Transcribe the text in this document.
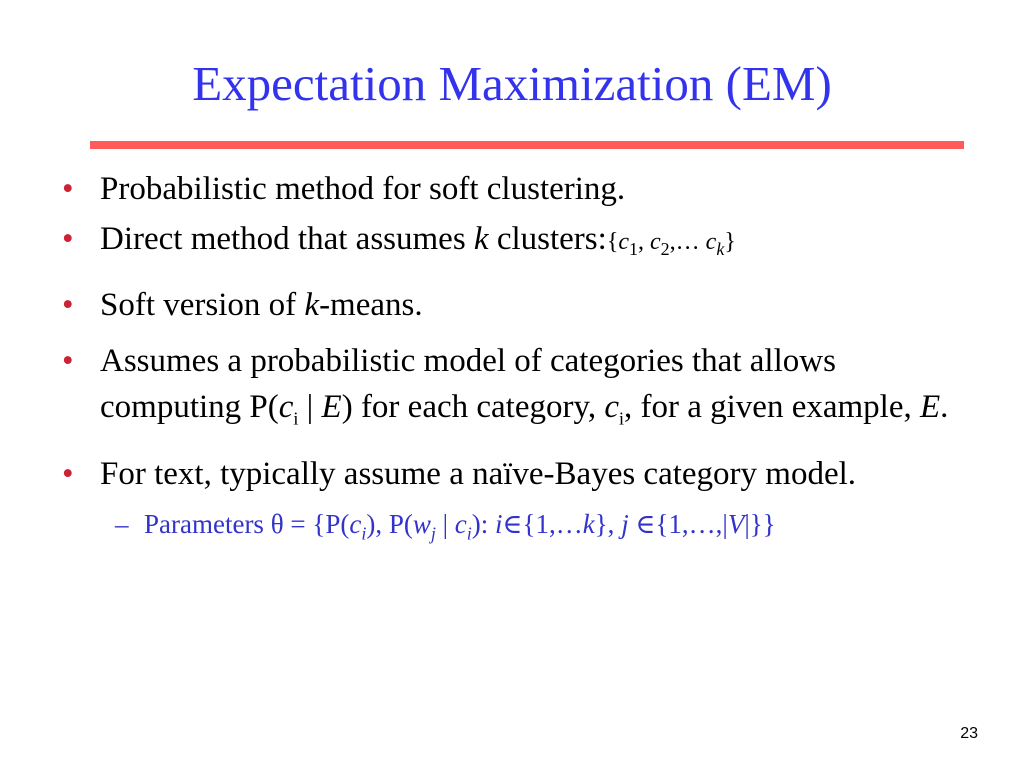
Expectation Maximization (EM)
• Probabilistic method for soft clustering.
• Direct method that assumes k $clusters:\{c_1$, $c_2,\dots$ $c_k$}
• Soft version of k-means.
• Assumes a probabilistic model of categories that allows computing $P(c_i$ | E) for each category, $c_i$, for a given example, E.
• For text, typically assume a naïve-Bayes category model.
– Parameters $\theta = \{P(c_i)$, $P(w_j$ | $c_i$): i∈{1,…k}, j ∈{1,…,|V|}}
23
